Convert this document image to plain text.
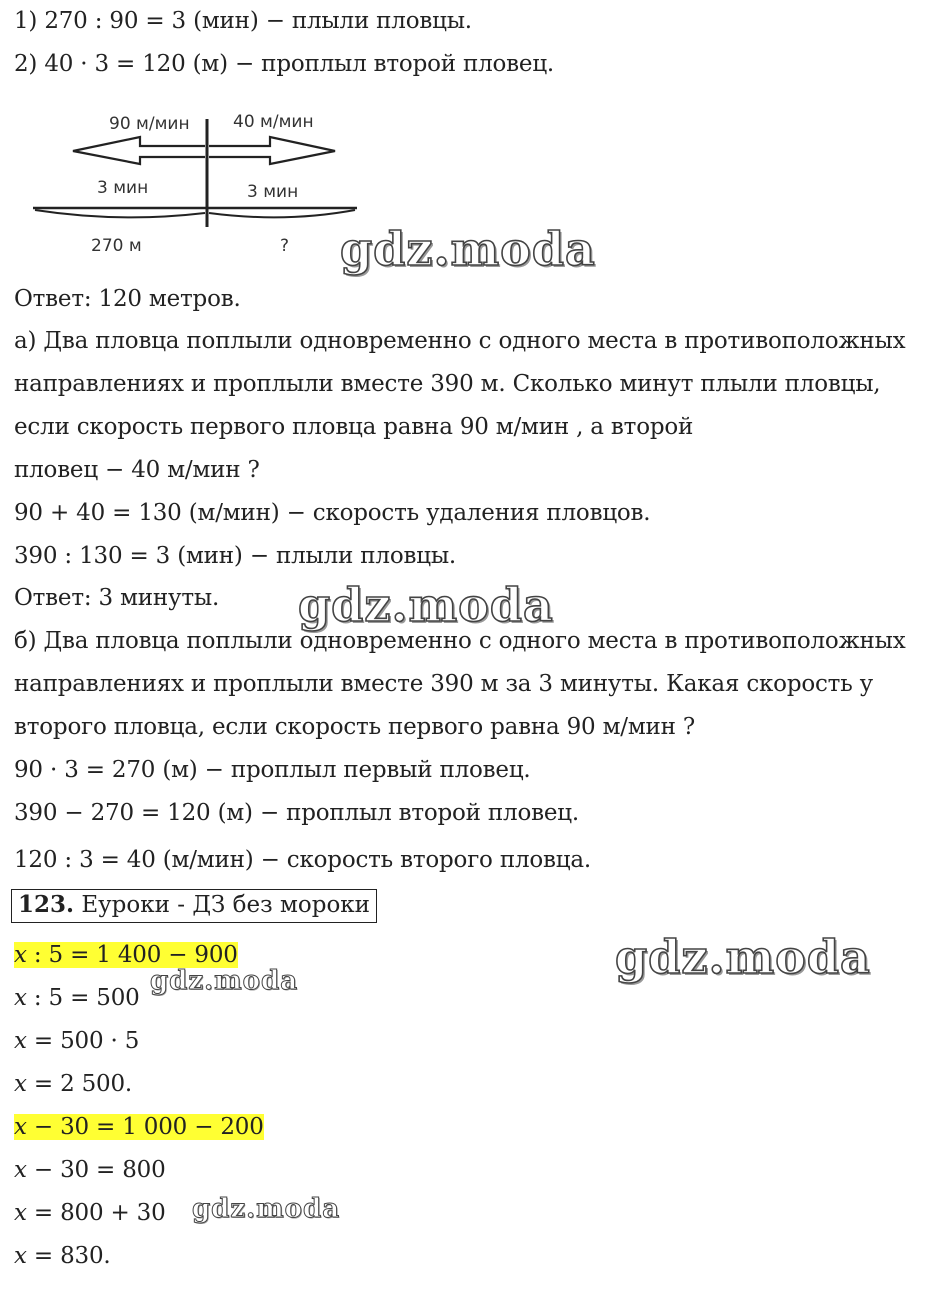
1) 270 : 90 = 3 (мин) − плыли пловцы.
2) 40 · 3 = 120 (м) − проплыл второй пловец.
90 м/мин	40 м/мин
3 мин	3 мин
270 м	? gdz.moda
Ответ: 120 метров.
а) Два пловца поплыли одновременно с одного места в противоположных
направлениях и проплыли вместе 390 м. Сколько минут плыли пловцы,
если скорость первого пловца равна 90 м/мин , а второй
пловец − 40 м/мин ?
90 + 40 = 130 (м/мин) − скорость удаления пловцов.
390 : 130 = 3 (мин) − плыли пловцы.
Ответ: 3 минуты. gdz.moda
б) Два пловца поплыли одновременно с одного места в противоположных
направлениях и проплыли вместе 390 м за 3 минуты. Какая скорость у
второго пловца, если скорость первого равна 90 м/мин ?
90 · 3 = 270 (м) − проплыл первый пловец.
390 − 270 = 120 (м) − проплыл второй пловец.
120 : 3 = 40 (м/мин) − скорость второго пловца.
123. Еуроки - ДЗ без мороки
gdz.moda
x : 5 = 1 400 − 900
gdz.moda
x : 5 = 500
x = 500 · 5
x = 2 500.
x − 30 = 1 000 − 200
x − 30 = 800
x = 800 + 30 gdz.moda
x = 830.
